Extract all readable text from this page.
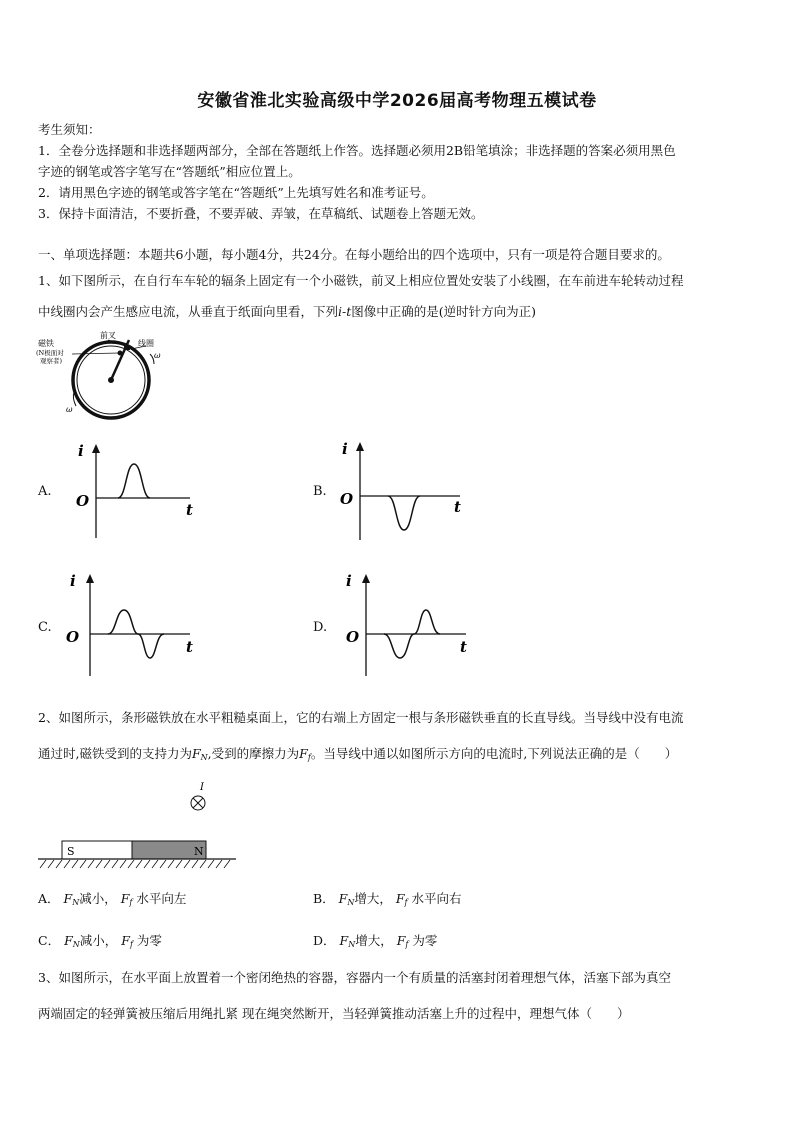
安徽省淮北实验高级中学2026届高考物理五模试卷
考生须知：
1．全卷分选择题和非选择题两部分，全部在答题纸上作答。选择题必须用2B铅笔填涂；非选择题的答案必须用黑色
字迹的钢笔或答字笔写在“答题纸”相应位置上。
2．请用黑色字迹的钢笔或答字笔在“答题纸”上先填写姓名和准考证号。
3．保持卡面清洁，不要折叠，不要弄破、弄皱，在草稿纸、试题卷上答题无效。
一、单项选择题：本题共6小题，每小题4分，共24分。在每小题给出的四个选项中，只有一项是符合题目要求的。
1、如下图所示，在自行车车轮的辐条上固定有一个小磁铁，前叉上相应位置处安装了小线圈，在车前进车轮转动过程
中线圈内会产生感应电流，从垂直于纸面向里看，下列i-t图像中正确的是(逆时针方向为正)
磁铁
(N极面对
观察者)
前叉
线圈
ω
ω
A.
i
O	t
B.
i
O	t
C.
i
O
t
D.
i
O
t
2、如图所示，条形磁铁放在水平粗糙桌面上，它的右端上方固定一根与条形磁铁垂直的长直导线。当导线中没有电流
通过时,磁铁受到的支持力为$F_N$,受到的摩擦力为$F_f$。当导线中通以如图所示方向的电流时,下列说法正确的是（　　）
I
S	N
A． $F_N$减小， $F_f$ 水平向左	B． $F_N$增大， $F_f$ 水平向右
C． $F_N$减小， $F_f$ 为零	D． $F_N$增大， $F_f$ 为零
3、如图所示，在水平面上放置着一个密闭绝热的容器，容器内一个有质量的活塞封闭着理想气体，活塞下部为真空
两端固定的轻弹簧被压缩后用绳扎紧 现在绳突然断开，当轻弹簧推动活塞上升的过程中，理想气体（　　）
